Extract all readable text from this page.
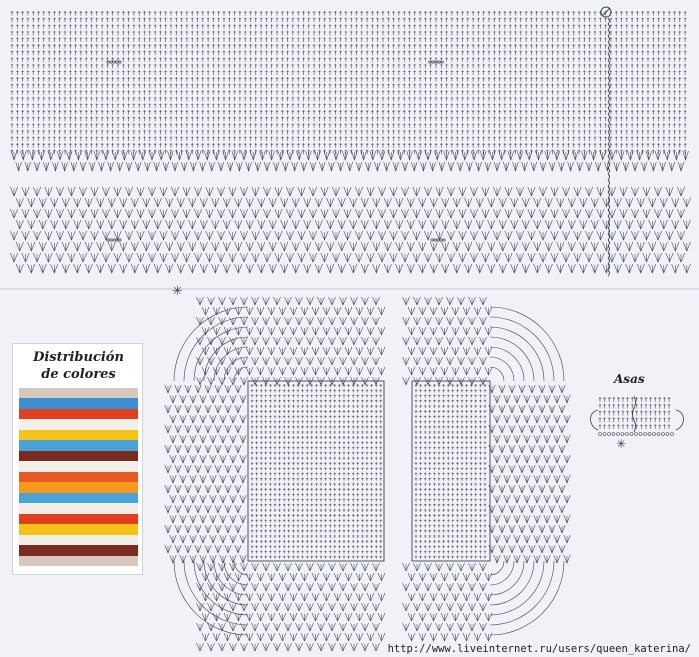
✳
✳
Distribución
de colores	Asas
http://www.liveinternet.ru/users/queen_katerina/
